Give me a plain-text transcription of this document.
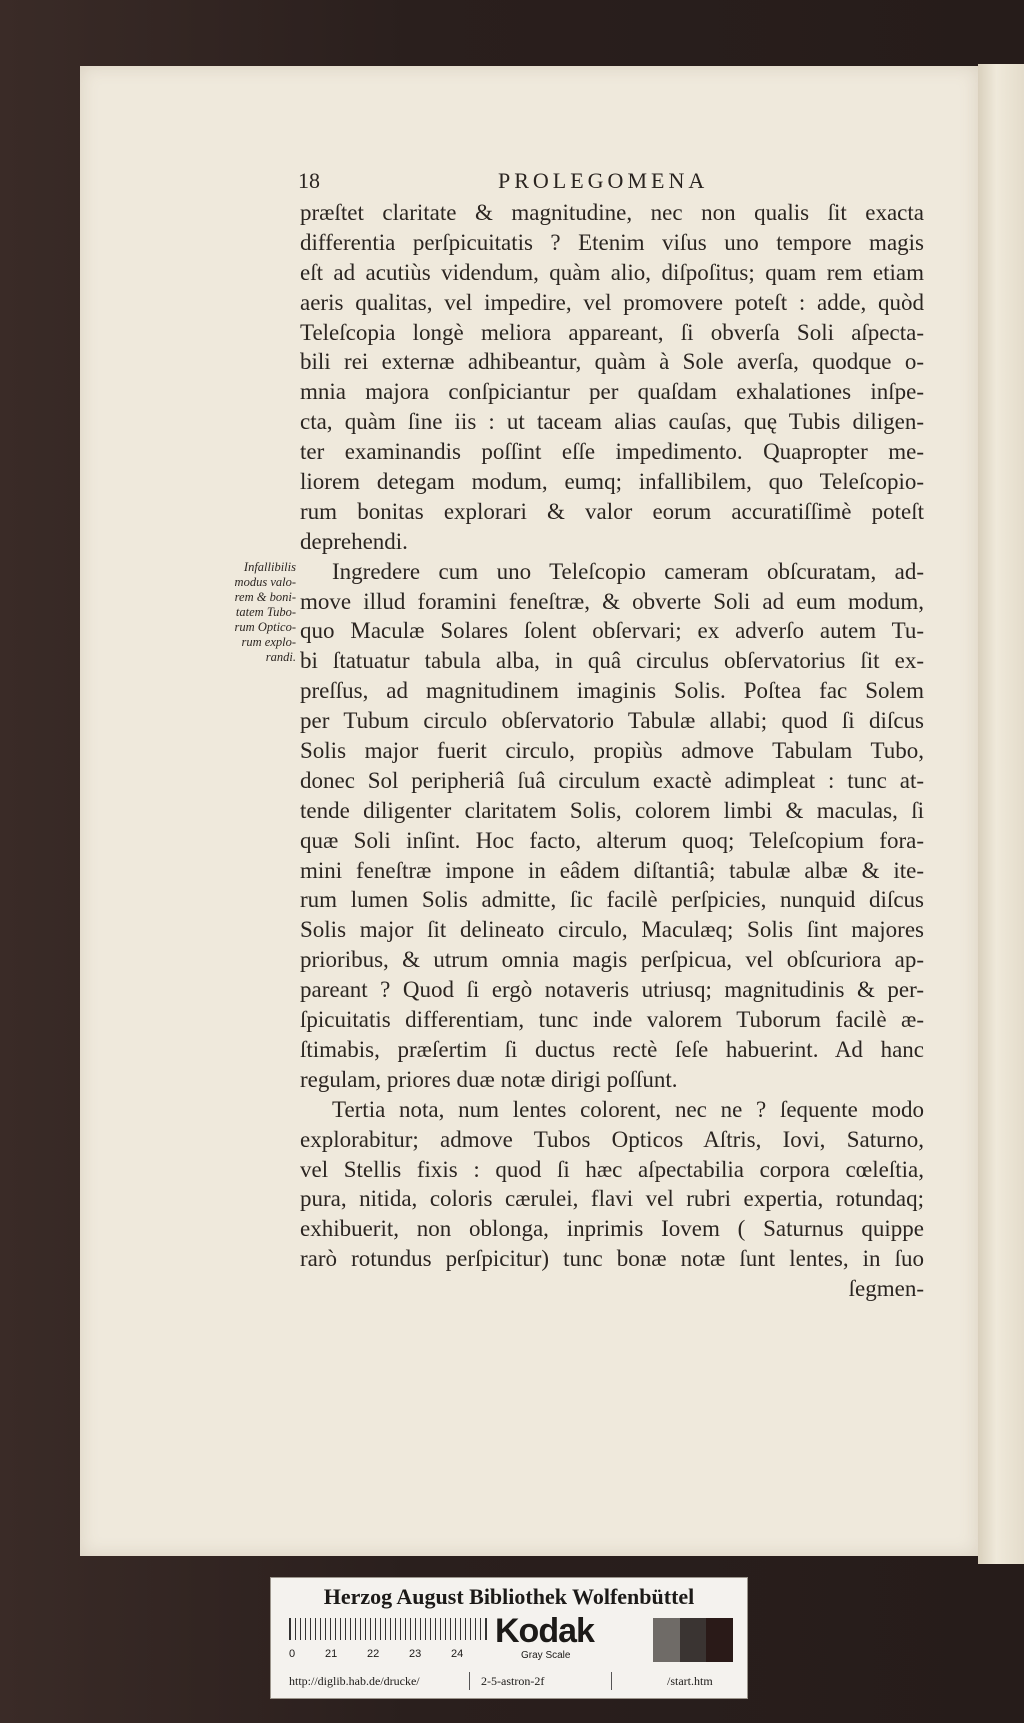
18	PROLEGOMENA
Infallibilis
modus valo-
rem & boni-
tatem Tubo-
rum Optico-
rum explo-
randi.
præſtet claritate & magnitudine, nec non qualis ſit exacta
differentia perſpicuitatis ? Etenim viſus uno tempore magis
eſt ad acutiùs videndum, quàm alio, diſpoſitus; quam rem etiam
aeris qualitas, vel impedire, vel promovere poteſt : adde, quòd
Teleſcopia longè meliora appareant, ſi obverſa Soli aſpecta-
bili rei externæ adhibeantur, quàm à Sole averſa, quodque o-
mnia majora conſpiciantur per quaſdam exhalationes inſpe-
cta, quàm ſine iis : ut taceam alias cauſas, quę Tubis diligen-
ter examinandis poſſint eſſe impedimento. Quapropter me-
liorem detegam modum, eumq; infallibilem, quo Teleſcopio-
rum bonitas explorari & valor eorum accuratiſſimè poteſt
deprehendi.
Ingredere cum uno Teleſcopio cameram obſcuratam, ad-
move illud foramini feneſtræ, & obverte Soli ad eum modum,
quo Maculæ Solares ſolent obſervari; ex adverſo autem Tu-
bi ſtatuatur tabula alba, in quâ circulus obſervatorius ſit ex-
preſſus, ad magnitudinem imaginis Solis. Poſtea fac Solem
per Tubum circulo obſervatorio Tabulæ allabi; quod ſi diſcus
Solis major fuerit circulo, propiùs admove Tabulam Tubo,
donec Sol peripheriâ ſuâ circulum exactè adimpleat : tunc at-
tende diligenter claritatem Solis, colorem limbi & maculas, ſi
quæ Soli inſint. Hoc facto, alterum quoq; Teleſcopium fora-
mini feneſtræ impone in eâdem diſtantiâ; tabulæ albæ & ite-
rum lumen Solis admitte, ſic facilè perſpicies, nunquid diſcus
Solis major ſit delineato circulo, Maculæq; Solis ſint majores
prioribus, & utrum omnia magis perſpicua, vel obſcuriora ap-
pareant ? Quod ſi ergò notaveris utriusq; magnitudinis & per-
ſpicuitatis differentiam, tunc inde valorem Tuborum facilè æ-
ſtimabis, præſertim ſi ductus rectè ſeſe habuerint. Ad hanc
regulam, priores duæ notæ dirigi poſſunt.
Tertia nota, num lentes colorent, nec ne ? ſequente modo
explorabitur; admove Tubos Opticos Aſtris, Iovi, Saturno,
vel Stellis fixis : quod ſi hæc aſpectabilia corpora cœleſtia,
pura, nitida, coloris cærulei, flavi vel rubri expertia, rotundaq;
exhibuerit, non oblonga, inprimis Iovem ( Saturnus quippe
rarò rotundus perſpicitur) tunc bonæ notæ ſunt lentes, in ſuo
ſegmen-
Herzog August Bibliothek Wolfenbüttel
0	21	22	23	24
Kodak
Gray Scale
http://diglib.hab.de/drucke/	2-5-astron-2f	/start.htm
